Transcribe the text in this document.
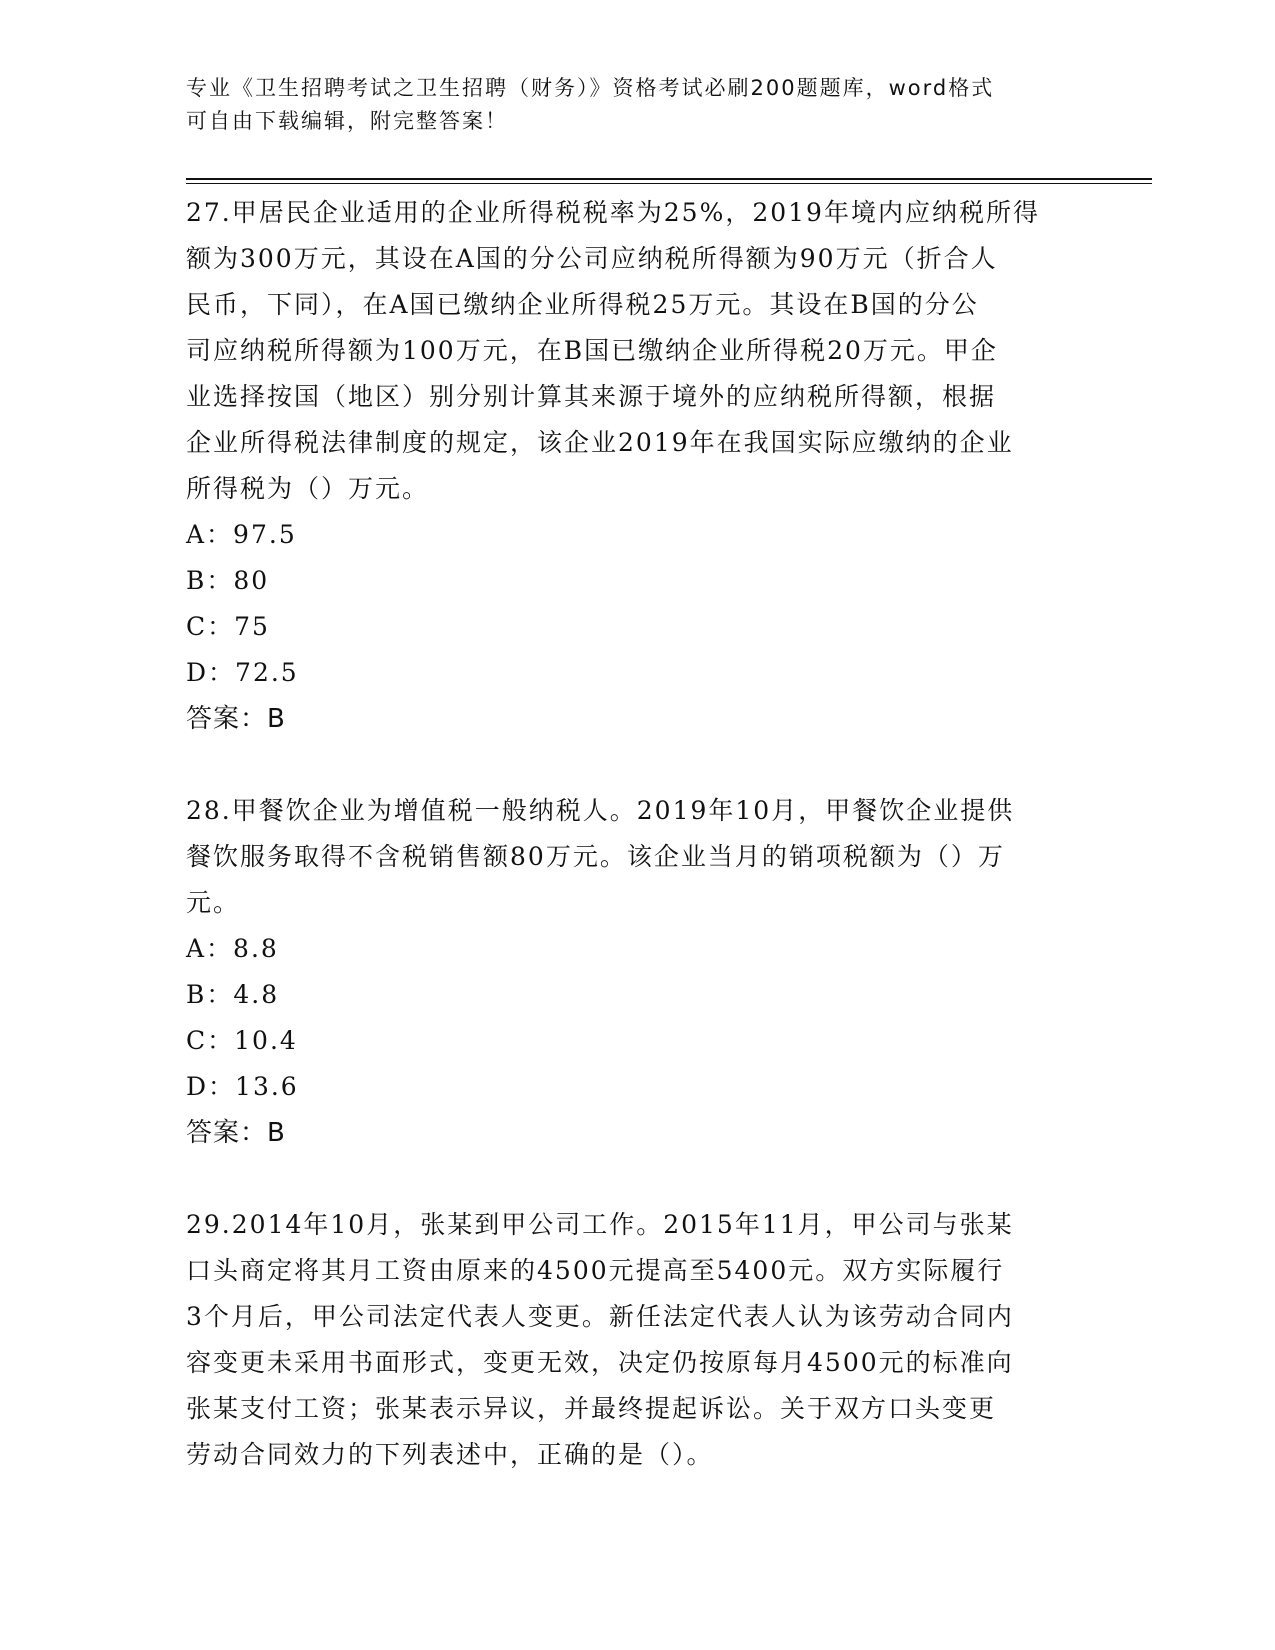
专业《卫生招聘考试之卫生招聘（财务）》资格考试必刷200题题库，word格式
可自由下载编辑，附完整答案！

27.甲居民企业适用的企业所得税税率为25%，2019年境内应纳税所得

额为300万元，其设在A国的分公司应纳税所得额为90万元（折合人

民币，下同），在A国已缴纳企业所得税25万元。其设在B国的分公

司应纳税所得额为100万元，在B国已缴纳企业所得税20万元。甲企

业选择按国（地区）别分别计算其来源于境外的应纳税所得额，根据

企业所得税法律制度的规定，该企业2019年在我国实际应缴纳的企业

所得税为（）万元。

A：97.5

B：80

C：75

D：72.5

答案：B

28.甲餐饮企业为增值税一般纳税人。2019年10月，甲餐饮企业提供

餐饮服务取得不含税销售额80万元。该企业当月的销项税额为（）万

元。

A：8.8

B：4.8

C：10.4

D：13.6

答案：B

29.2014年10月，张某到甲公司工作。2015年11月，甲公司与张某

口头商定将其月工资由原来的4500元提高至5400元。双方实际履行

3个月后，甲公司法定代表人变更。新任法定代表人认为该劳动合同内

容变更未采用书面形式，变更无效，决定仍按原每月4500元的标准向

张某支付工资；张某表示异议，并最终提起诉讼。关于双方口头变更

劳动合同效力的下列表述中，正确的是（）。
